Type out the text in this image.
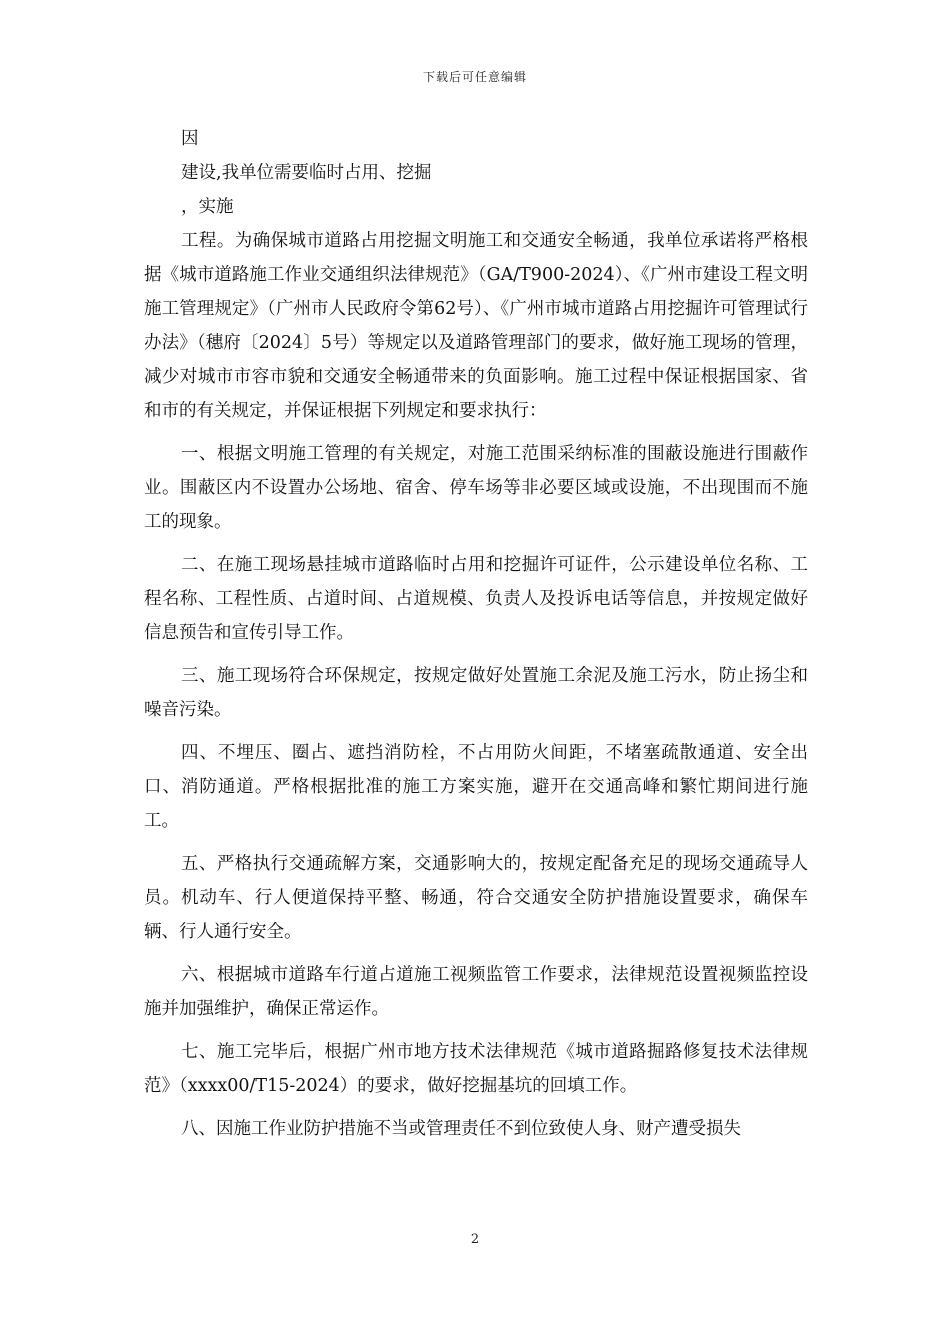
下载后可任意编辑

因

建设,我单位需要临时占用、挖掘

，实施

工程。为确保城市道路占用挖掘文明施工和交通安全畅通，我单位承诺将严格根据《城市道路施工作业交通组织法律规范》（GA/T900-2024）、《广州市建设工程文明施工管理规定》（广州市人民政府令第62号）、《广州市城市道路占用挖掘许可管理试行办法》（穗府〔2024〕5号）等规定以及道路管理部门的要求，做好施工现场的管理，减少对城市市容市貌和交通安全畅通带来的负面影响。施工过程中保证根据国家、省和市的有关规定，并保证根据下列规定和要求执行：

一、根据文明施工管理的有关规定，对施工范围采纳标准的围蔽设施进行围蔽作业。围蔽区内不设置办公场地、宿舍、停车场等非必要区域或设施，不出现围而不施工的现象。

二、在施工现场悬挂城市道路临时占用和挖掘许可证件，公示建设单位名称、工程名称、工程性质、占道时间、占道规模、负责人及投诉电话等信息，并按规定做好信息预告和宣传引导工作。

三、施工现场符合环保规定，按规定做好处置施工余泥及施工污水，防止扬尘和噪音污染。

四、不埋压、圈占、遮挡消防栓，不占用防火间距，不堵塞疏散通道、安全出口、消防通道。严格根据批准的施工方案实施，避开在交通高峰和繁忙期间进行施工。

五、严格执行交通疏解方案，交通影响大的，按规定配备充足的现场交通疏导人员。机动车、行人便道保持平整、畅通，符合交通安全防护措施设置要求，确保车辆、行人通行安全。

六、根据城市道路车行道占道施工视频监管工作要求，法律规范设置视频监控设施并加强维护，确保正常运作。

七、施工完毕后，根据广州市地方技术法律规范《城市道路掘路修复技术法律规范》（xxxx00/T15-2024）的要求，做好挖掘基坑的回填工作。

八、因施工作业防护措施不当或管理责任不到位致使人身、财产遭受损失

2
